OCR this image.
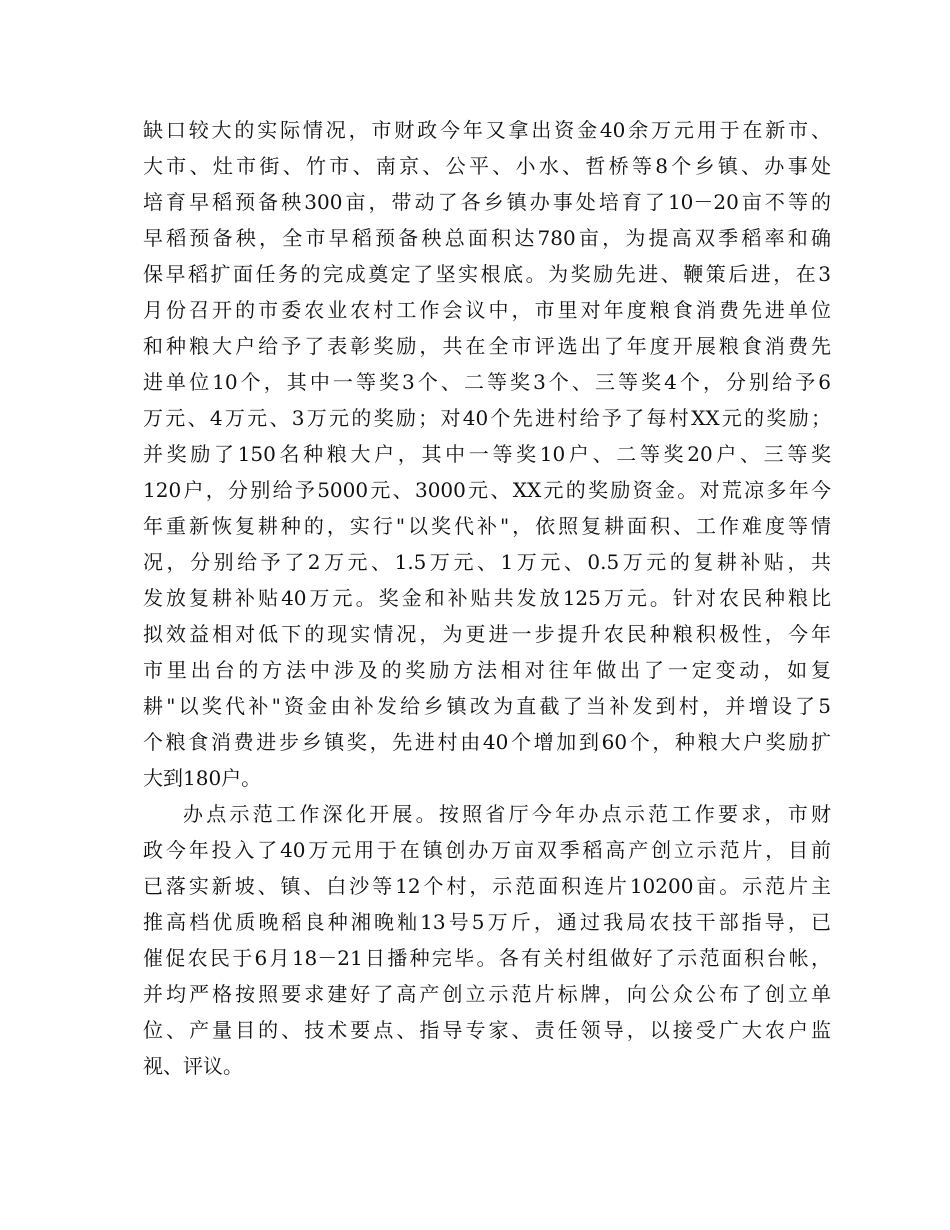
缺口较大的实际情况，市财政今年又拿出资金40余万元用于在新市、
大市、灶市街、竹市、南京、公平、小水、哲桥等8个乡镇、办事处
培育早稻预备秧300亩，带动了各乡镇办事处培育了10－20亩不等的
早稻预备秧，全市早稻预备秧总面积达780亩，为提高双季稻率和确
保早稻扩面任务的完成奠定了坚实根底。为奖励先进、鞭策后进，在3
月份召开的市委农业农村工作会议中，市里对年度粮食消费先进单位
和种粮大户给予了表彰奖励，共在全市评选出了年度开展粮食消费先
进单位10个，其中一等奖3个、二等奖3个、三等奖4个，分别给予6
万元、4万元、3万元的奖励；对40个先进村给予了每村XX元的奖励；
并奖励了150名种粮大户，其中一等奖10户、二等奖20户、三等奖
120户，分别给予5000元、3000元、XX元的奖励资金。对荒凉多年今
年重新恢复耕种的，实行"以奖代补"，依照复耕面积、工作难度等情
况，分别给予了2万元、1.5万元、1万元、0.5万元的复耕补贴，共
发放复耕补贴40万元。奖金和补贴共发放125万元。针对农民种粮比
拟效益相对低下的现实情况，为更进一步提升农民种粮积极性，今年
市里出台的方法中涉及的奖励方法相对往年做出了一定变动，如复
耕"以奖代补"资金由补发给乡镇改为直截了当补发到村，并增设了5
个粮食消费进步乡镇奖，先进村由40个增加到60个，种粮大户奖励扩
大到180户。
办点示范工作深化开展。按照省厅今年办点示范工作要求，市财
政今年投入了40万元用于在镇创办万亩双季稻高产创立示范片，目前
已落实新坡、镇、白沙等12个村，示范面积连片10200亩。示范片主
推高档优质晚稻良种湘晚籼13号5万斤，通过我局农技干部指导，已
催促农民于6月18－21日播种完毕。各有关村组做好了示范面积台帐，
并均严格按照要求建好了高产创立示范片标牌，向公众公布了创立单
位、产量目的、技术要点、指导专家、责任领导，以接受广大农户监
视、评议。
